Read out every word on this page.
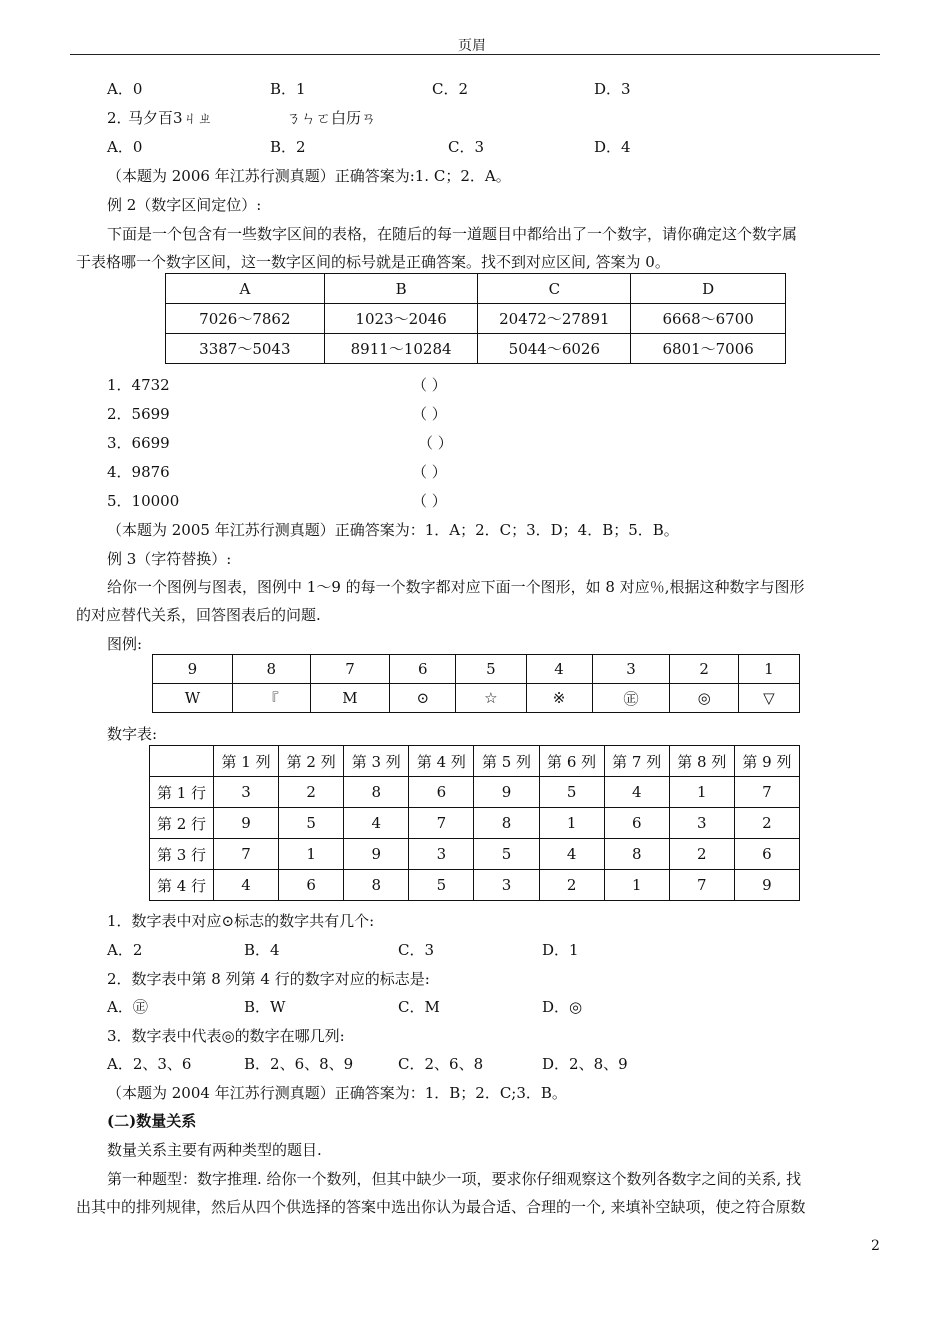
页眉
A．0	B．1	C．2	D．3
2．
马夕百3ㄐㄓ	ㄋㄣㄛ白历ㄢ
A．0	B．2	C．3	D．4
（本题为 2006 年江苏行测真题）正确答案为:1. C；2．A。
例 2（数字区间定位）:
下面是一个包含有一些数字区间的表格，在随后的每一道题目中都给出了一个数字，请你确定这个数字属
于表格哪一个数字区间，这一数字区间的标号就是正确答案。找不到对应区间, 答案为 0。
A	B	C	D
7026～7862	1023～2046	20472～27891	6668～6700
3387～5043	8911～10284	5044～6026	6801～7006
1．4732	（ ）
2．5699	（ ）
3．6699	（ ）
4．9876	（ ）
5．10000	（ ）
（本题为 2005 年江苏行测真题）正确答案为：1．A；2．C；3．D；4．B；5．B。
例 3（字符替换）:
给你一个图例与图表，图例中 1～9 的每一个数字都对应下面一个图形，如 8 对应％,根据这种数字与图形
的对应替代关系，回答图表后的问题.
图例:
9	8	7	6	5	4	3	2	1
W	『	M	⊙	☆	※	㊣	◎	▽
数字表:
	第 1 列	第 2 列	第 3 列	第 4 列	第 5 列	第 6 列	第 7 列	第 8 列	第 9 列
第 1 行	3	2	8	6	9	5	4	1	7
第 2 行	9	5	4	7	8	1	6	3	2
第 3 行	7	1	9	3	5	4	8	2	6
第 4 行	4	6	8	5	3	2	1	7	9
1．数字表中对应⊙标志的数字共有几个:
A．2	B．4	C．3	D．1
2．数字表中第 8 列第 4 行的数字对应的标志是:
A．㊣	B．W	C．M	D．◎
3．数字表中代表◎的数字在哪几列:
A．2、3、6	B．2、6、8、9	C．2、6、8	D．2、8、9
（本题为 2004 年江苏行测真题）正确答案为：1．B；2．C;3．B。
(二)数量关系
数量关系主要有两种类型的题目.
第一种题型：数字推理. 给你一个数列，但其中缺少一项，要求你仔细观察这个数列各数字之间的关系, 找
出其中的排列规律，然后从四个供选择的答案中选出你认为最合适、合理的一个, 来填补空缺项，使之符合原数
2
